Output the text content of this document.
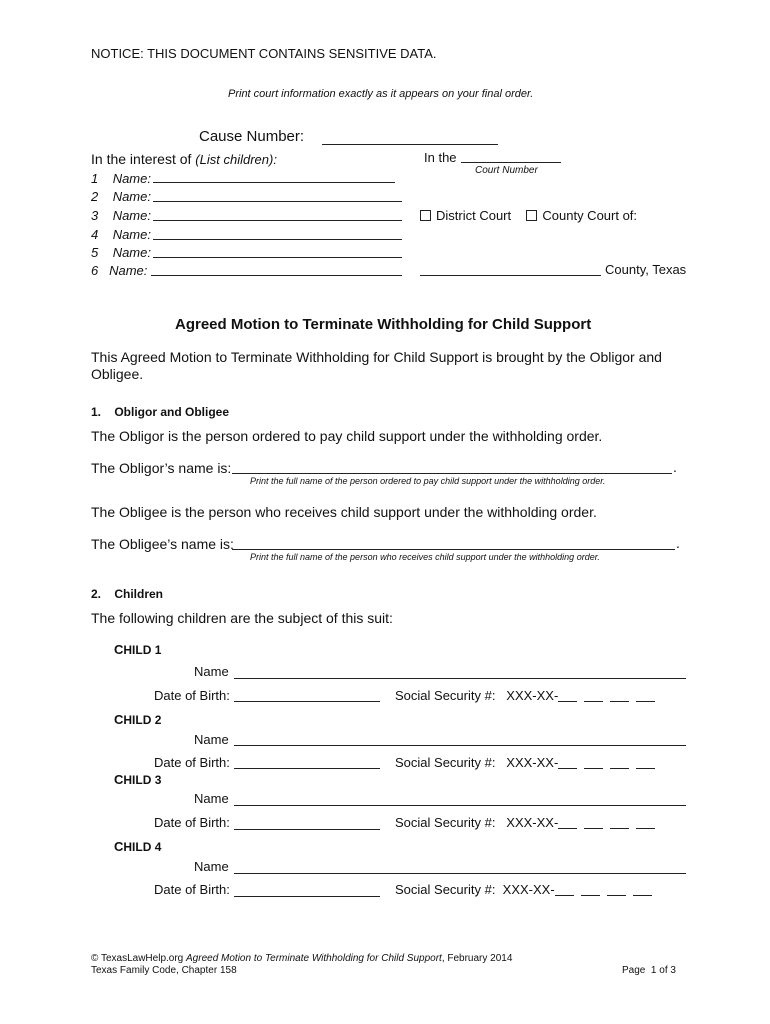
NOTICE: THIS DOCUMENT CONTAINS SENSITIVE DATA.
Print court information exactly as it appears on your final order.
Cause Number:
In the interest of (List children):
1 Name:
2 Name:
3 Name:
4 Name:
5 Name:
6 Name:
In the
Court Number
District Court County Court of:
County, Texas
Agreed Motion to Terminate Withholding for Child Support
This Agreed Motion to Terminate Withholding for Child Support is brought by the Obligor and Obligee.
1.    Obligor and Obligee
The Obligor is the person ordered to pay child support under the withholding order.
The Obligor’s name is:	.
Print the full name of the person ordered to pay child support under the withholding order.
The Obligee is the person who receives child support under the withholding order.
The Obligee’s name is:	.
Print the full name of the person who receives child support under the withholding order.
2.    Children
The following children are the subject of this suit:
CHILD 1
Name
Date of Birth:	Social Security #: XXX-XX-
CHILD 2
Name
Date of Birth:	Social Security #: XXX-XX-
CHILD 3
Name
Date of Birth:	Social Security #: XXX-XX-
CHILD 4
Name
Date of Birth:	Social Security #: XXX-XX-
© TexasLawHelp.org Agreed Motion to Terminate Withholding for Child Support, February 2014
Texas Family Code, Chapter 158	Page  1 of 3
